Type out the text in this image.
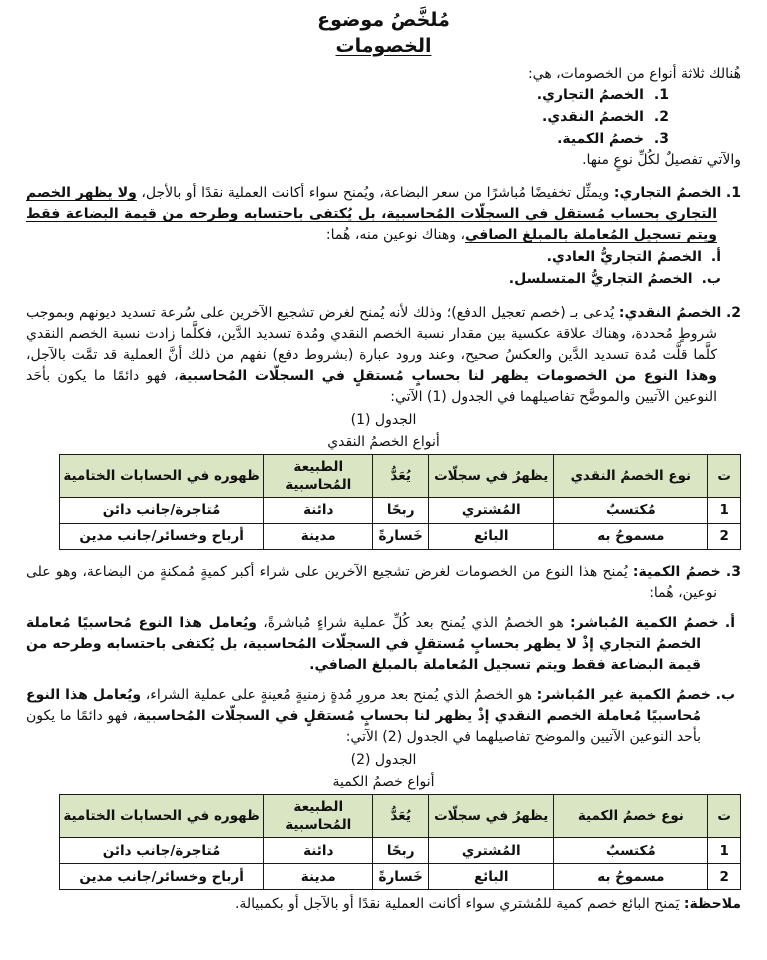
مُلخَّصُ موضوع
الخصومات

هُنالك ثلاثة أنواع من الخصومات، هي:

1.الخصمُ التجاري.
2.الخصمُ النقدي.
3.خصمُ الكمية.

والآتي تفصيلٌ لكُلِّ نوعٍ منها.

1. الخصمُ التجاري: ويمثِّل تخفيضًا مُباشرًا من سعر البضاعة، ويُمنح سواء أكانت العملية نقدًا أو بالأجل، ولا يظهر الخصم التجاري بحساب مُستقل في السجلّات المُحاسبية، بل يُكتفى باحتسابه وطرحه من قيمة البضاعة فقط ويتم تسجيل المُعاملة بالمبلغ الصافي، وهناك نوعين منه، هُما:

أ.الخصمُ التجاريُّ العادي.
ب.الخصمُ التجاريُّ المتسلسل.

2. الخصمُ النقدي: يُدعى بـ (خصم تعجيل الدفع)؛ وذلك لأنه يُمنح لغرض تشجيع الآخرين على سُرعة تسديد ديونهم وبموجب شروطٍ مُحددة، وهناك علاقة عكسية بين مقدار نسبة الخصم النقدي ومُدة تسديد الدَّين، فكلَّما زادت نسبة الخصم النقدي كلَّما قلَّت مُدة تسديد الدَّين والعكسُ صحيح، وعند ورود عبارة (بشروط دفع) نفهم من ذلك أنَّ العملية قد تمَّت بالآجل، وهذا النوع من الخصومات يظهر لنا بحسابٍ مُستقلٍ في السجلّات المُحاسبية، فهو دائمًا ما يكون بأحَد النوعين الآتيين والموضَّح تفاصيلهما في الجدول (1) الآتي:

الجدول (1)
أنواع الخصمُ النقدي
ت	نوع الخصمُ النقدي	يظهرُ في سجلّات	يُعَدُّ	الطبيعة المُحاسبية	ظهوره في الحسابات الختامية
1	مُكتسبٌ	المُشتري	ربحًا	دائنة	مُتاجرة/جانب دائن
2	مسموحُ به	البائع	خَسارةً	مدينة	أرباح وخسائر/جانب مدين

3. خصمُ الكمية: يُمنح هذا النوع من الخصومات لغرض تشجيع الآخرين على شراء أكبر كميةٍ مُمكنةٍ من البضاعة، وهو على نوعين، هُما:

أ. خصمُ الكمية المُباشر: هو الخصمُ الذي يُمنح بعد كُلِّ عملية شراءٍ مُباشرةً، ويُعامل هذا النوع مُحاسبيًا مُعاملة الخصمُ التجاري إذْ لا يظهر بحسابٍ مُستقلٍ في السجلّات المُحاسبية، بل يُكتفى باحتسابه وطرحه من قيمة البضاعة فقط ويتم تسجيل المُعاملة بالمبلغ الصافي.

ب. خصمُ الكمية غير المُباشر: هو الخصمُ الذي يُمنح بعد مرورِ مُدةٍ زمنيةٍ مُعينةٍ على عملية الشراء، ويُعامل هذا النوع مُحاسبيًا مُعاملة الخصم النقدي إذْ يظهر لنا بحسابٍ مُستقلٍ في السجلّات المُحاسبية، فهو دائمًا ما يكون بأحد النوعين الآتيين والموضح تفاصيلهما في الجدول (2) الآتي:

الجدول (2)
أنواع خصمُ الكمية
ت	نوع خصمُ الكمية	يظهرُ في سجلّات	يُعَدُّ	الطبيعة المُحاسبية	ظهوره في الحسابات الختامية
1	مُكتسبٌ	المُشتري	ربحًا	دائنة	مُتاجرة/جانب دائن
2	مسموحُ به	البائع	خَسارةً	مدينة	أرباح وخسائر/جانب مدين

ملاحظة: يَمنح البائع خصم كمية للمُشتري سواء أكانت العملية نقدًا أو بالآجل أو بكمبيالة.
